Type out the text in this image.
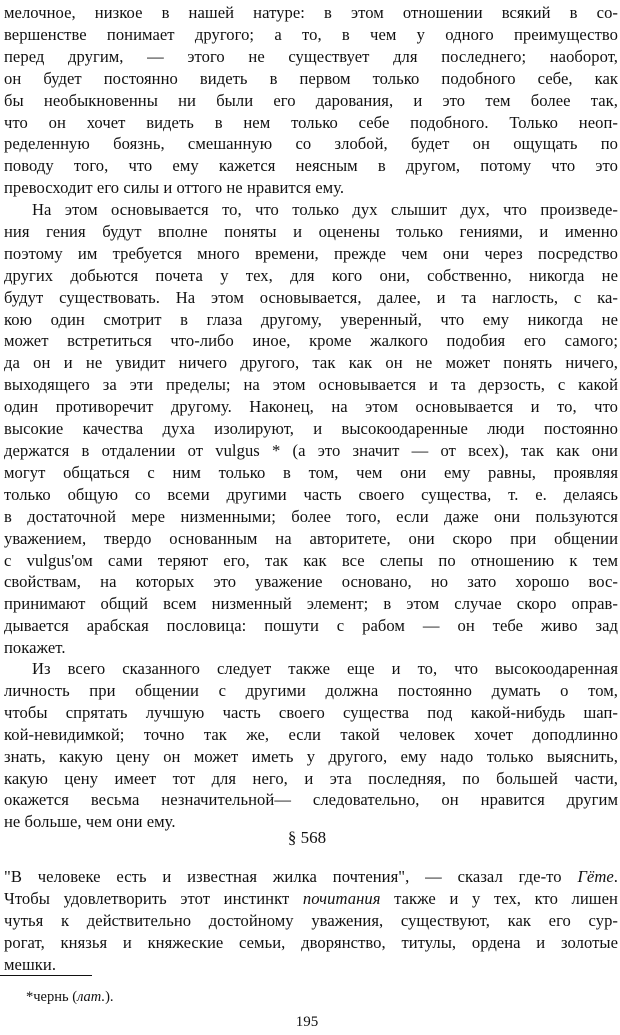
мелочное, низкое в нашей натуре: в этом отношении всякий в со-
вершенстве понимает другого; а то, в чем у одного преимущество
перед другим, — этого не существует для последнего; наоборот,
он будет постоянно видеть в первом только подобного себе, как
бы необыкновенны ни были его дарования, и это тем более так,
что он хочет видеть в нем только себе подобного. Только неоп-
ределенную боязнь, смешанную со злобой, будет он ощущать по
поводу того, что ему кажется неясным в другом, потому что это
превосходит его силы и оттого не нравится ему.
На этом основывается то, что только дух слышит дух, что произведе-
ния гения будут вполне поняты и оценены только гениями, и именно
поэтому им требуется много времени, прежде чем они через посредство
других добьются почета у тех, для кого они, собственно, никогда не
будут существовать. На этом основывается, далее, и та наглость, с ка-
кою один смотрит в глаза другому, уверенный, что ему никогда не
может встретиться что-либо иное, кроме жалкого подобия его самого;
да он и не увидит ничего другого, так как он не может понять ничего,
выходящего за эти пределы; на этом основывается и та дерзость, с какой
один противоречит другому. Наконец, на этом основывается и то, что
высокие качества духа изолируют, и высокоодаренные люди постоянно
держатся в отдалении от vulgus * (а это значит — от всех), так как они
могут общаться с ним только в том, чем они ему равны, проявляя
только общую со всеми другими часть своего существа, т. е. делаясь
в достаточной мере низменными; более того, если даже они пользуются
уважением, твердо основанным на авторитете, они скоро при общении
с vulgus'ом сами теряют его, так как все слепы по отношению к тем
свойствам, на которых это уважение основано, но зато хорошо вос-
принимают общий всем низменный элемент; в этом случае скоро оправ-
дывается арабская пословица: пошути с рабом — он тебе живо зад
покажет.
Из всего сказанного следует также еще и то, что высокоодаренная
личность при общении с другими должна постоянно думать о том,
чтобы спрятать лучшую часть своего существа под какой-нибудь шап-
кой-невидимкой; точно так же, если такой человек хочет доподлинно
знать, какую цену он может иметь у другого, ему надо только выяснить,
какую цену имеет тот для него, и эта последняя, по большей части,
окажется весьма незначительной— следовательно, он нравится другим
не больше, чем они ему.
§ 568
"В человеке есть и известная жилка почтения", — сказал где-то Гёте.
Чтобы удовлетворить этот инстинкт почитания также и у тех, кто лишен
чутья к действительно достойному уважения, существуют, как его сур-
рогат, князья и княжеские семьи, дворянство, титулы, ордена и золотые
мешки.
*чернь (лат.).
195
